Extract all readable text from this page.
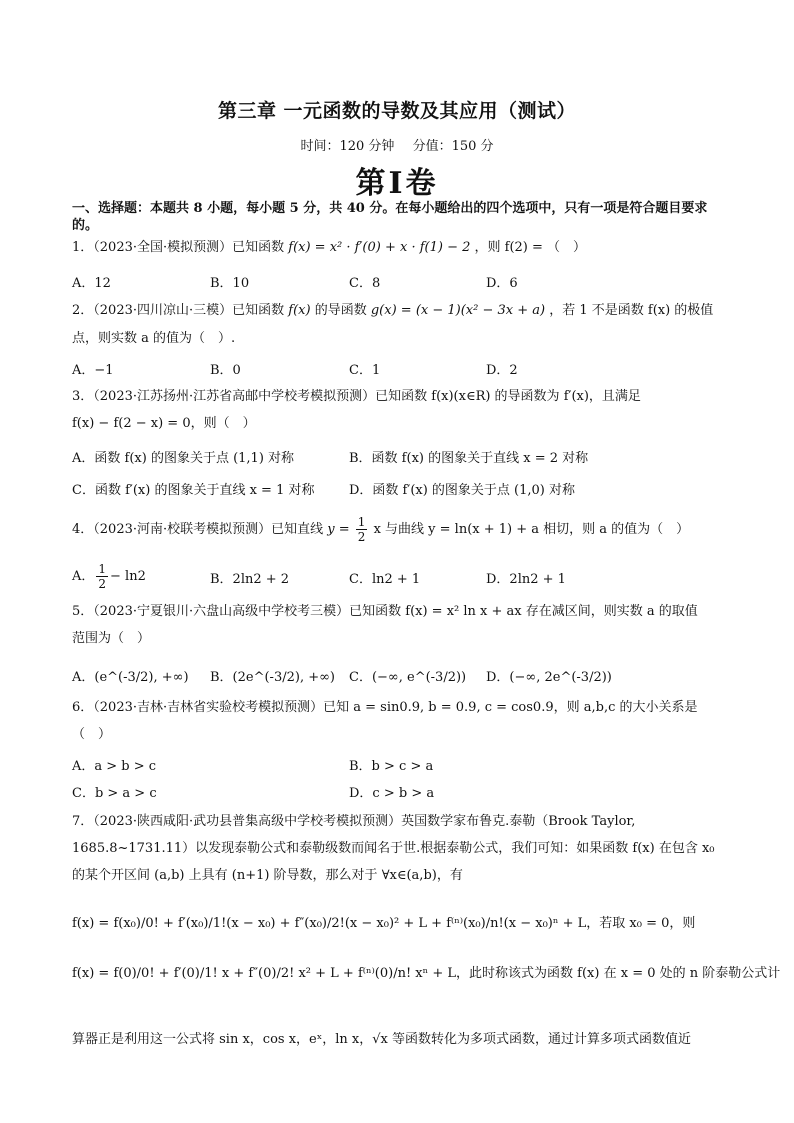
第三章 一元函数的导数及其应用（测试）
时间：120 分钟 分值：150 分
第Ⅰ卷
一、选择题：本题共 8 小题，每小题 5 分，共 40 分。在每小题给出的四个选项中，只有一项是符合题目要求的。
1．（2023·全国·模拟预测）已知函数 f(x) = x² · f′(0) + x · f(1) − 2 ，则 f(2) = （　）
A．12	B．10	C．8	D．6
2．（2023·四川凉山·三模）已知函数 f(x) 的导函数 g(x) = (x − 1)(x² − 3x + a) ，若 1 不是函数 f(x) 的极值
点，则实数 a 的值为（　）.
A．−1	B．0	C．1	D．2
3．（2023·江苏扬州·江苏省高邮中学校考模拟预测）已知函数 f(x)(x∈R) 的导函数为 f′(x)，且满足
f(x) − f(2 − x) = 0，则（　）
A．函数 f(x) 的图象关于点 (1,1) 对称	B．函数 f(x) 的图象关于直线 x = 2 对称
C．函数 f′(x) 的图象关于直线 x = 1 对称	D．函数 f′(x) 的图象关于点 (1,0) 对称
4．（2023·河南·校联考模拟预测）已知直线 $y = \frac{1}{2}$ x 与曲线 y = ln(x + 1) + a 相切，则 a 的值为（　）
A． $\frac{1}{2} - \ln 2$	B．2ln2 + 2	C．ln2 + 1	D．2ln2 + 1
5．（2023·宁夏银川·六盘山高级中学校考三模）已知函数 f(x) = x² ln x + ax 存在减区间，则实数 a 的取值
范围为（　）
A．(e^(-3/2), +∞) B．(2e^(-3/2), +∞) C．(−∞, e^(-3/2)) D．(−∞, 2e^(-3/2))
6．（2023·吉林·吉林省实验校考模拟预测）已知 a = sin0.9, b = 0.9, c = cos0.9，则 a,b,c 的大小关系是
（　）
A．a > b > c	B．b > c > a
C．b > a > c	D．c > b > a
7．（2023·陕西咸阳·武功县普集高级中学校考模拟预测）英国数学家布鲁克.泰勒（Brook Taylor,
1685.8~1731.11）以发现泰勒公式和泰勒级数而闻名于世.根据泰勒公式，我们可知：如果函数 f(x) 在包含 x₀
的某个开区间 (a,b) 上具有 (n+1) 阶导数，那么对于 ∀x∈(a,b)，有
f(x) = f(x₀)/0! + f′(x₀)/1!(x − x₀) + f″(x₀)/2!(x − x₀)² + L + f⁽ⁿ⁾(x₀)/n!(x − x₀)ⁿ + L，若取 x₀ = 0，则
f(x) = f(0)/0! + f′(0)/1! x + f″(0)/2! x² + L + f⁽ⁿ⁾(0)/n! xⁿ + L，此时称该式为函数 f(x) 在 x = 0 处的 n 阶泰勒公式计
算器正是利用这一公式将 sin x，cos x，eˣ，ln x，√x 等函数转化为多项式函数，通过计算多项式函数值近
